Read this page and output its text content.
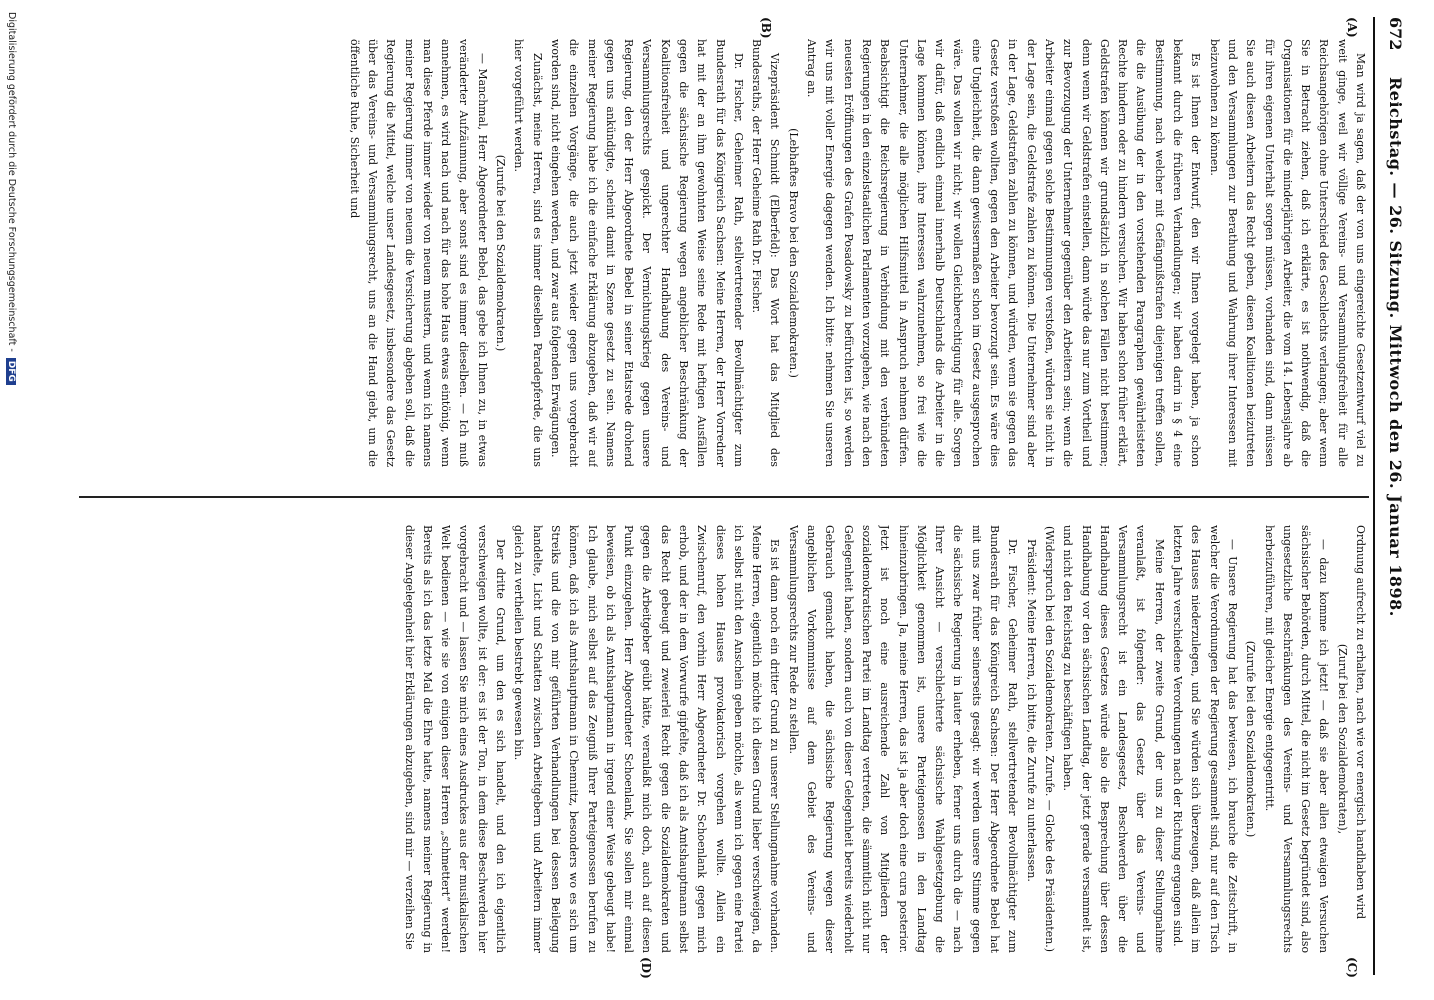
Digitalisierung gefördert durch die Deutsche Forschungsgemeinschaft -DFG
672
Reichstag. — 26. Sitzung. Mittwoch den 26. Januar 1898.
(A)
(B)
(C)
(D)

Man wird ja sagen, daß der von uns eingereichte Gesetzentwurf viel zu weit ginge, weil wir völlige Vereins- und Versammlungsfreiheit für alle Reichsangehörigen ohne Unterschied des Geschlechts verlangen; aber wenn Sie in Betracht ziehen, daß ich erklärte, es ist nothwendig, daß die Organisationen für die minderjährigen Arbeiter, die vom 14. Lebensjahre ab für ihren eigenen Unterhalt sorgen müssen, vorhanden sind, dann müssen Sie auch diesen Arbeitern das Recht geben, diesen Koalitionen beizutreten und den Versammlungen zur Berathung und Wahrung ihrer Interessen mit beizuwohnen zu können.

Es ist Ihnen der Entwurf, den wir Ihnen vorgelegt haben, ja schon bekannt durch die früheren Verhandlungen; wir haben darin in § 4 eine Bestimmung, nach welcher mit Gefängnißstrafen diejenigen treffen sollen, die die Ausübung der in den vorstehenden Paragraphen gewährleisteten Rechte hindern oder zu hindern versuchen. Wir haben schon früher erklärt, Geldstrafen können wir grundsätzlich in solchen Fällen nicht bestimmen; denn wenn wir Geldstrafen einstellen, dann würde das nur zum Vortheil und zur Bevorzugung der Unternehmer gegenüber den Arbeitern sein; wenn die Arbeiter einmal gegen solche Bestimmungen verstoßen, würden sie nicht in der Lage sein, die Geldstrafe zahlen zu können. Die Unternehmer sind aber in der Lage, Geldstrafen zahlen zu können, und würden, wenn sie gegen das Gesetz verstoßen wollten, gegen den Arbeiter bevorzugt sein. Es wäre dies eine Ungleichheit, die dann gewissermaßen schon im Gesetz ausgesprochen wäre. Das wollen wir nicht; wir wollen Gleichberechtigung für alle. Sorgen wir dafür, daß endlich einmal innerhalb Deutschlands die Arbeiter in die Lage kommen können, ihre Interessen wahrzunehmen, so frei wie die Unternehmer, die alle möglichen Hilfsmittel in Anspruch nehmen dürfen. Beabsichtigt die Reichsregierung in Verbindung mit den verbündeten Regierungen in den einzelstaatlichen Parlamenten vorzugehen, wie nach den neuesten Eröffnungen des Grafen Posadowsky zu befürchten ist, so werden wir uns mit voller Energie dagegen wenden. Ich bitte: nehmen Sie unseren Antrag an.

(Lebhaftes Bravo bei den Sozialdemokraten.)

Vizepräsident Schmidt (Elberfeld): Das Wort hat das Mitglied des Bundesraths, der Herr Geheime Rath Dr. Fischer.

Dr. Fischer, Geheimer Rath, stellvertretender Bevollmächtigter zum Bundesrath für das Königreich Sachsen: Meine Herren, der Herr Vorredner hat mit der an ihm gewohnten Weise seine Rede mit heftigen Ausfällen gegen die sächsische Regierung wegen angeblicher Beschränkung der Koalitionsfreiheit und ungerechter Handhabung des Vereins- und Versammlungsrechts gespickt. Der Vernichtungskrieg gegen unsere Regierung, den der Herr Abgeordnete Bebel in seiner Etatsrede drohend gegen uns ankündigte, scheint damit in Szene gesetzt zu sein. Namens meiner Regierung habe ich die einfache Erklärung abzugeben, daß wir auf die einzelnen Vorgänge, die auch jetzt wieder gegen uns vorgebracht worden sind, nicht eingehen werden, und zwar aus folgenden Erwägungen.

Zunächst, meine Herren, sind es immer dieselben Paradepferde, die uns hier vorgeführt werden.

(Zurufe bei den Sozialdemokraten.)

— Manchmal, Herr Abgeordneter Bebel, das gebe ich Ihnen zu, in etwas veränderter Aufzäumung, aber sonst sind es immer dieselben. — Ich muß annehmen, es wird nach und nach für das hohe Haus etwas eintönig, wenn man diese Pferde immer wieder von neuem mustern, und wenn ich namens meiner Regierung immer von neuem die Versicherung abgeben soll, daß die Regierung die Mittel, welche unser Landesgesetz, insbesondere das Gesetz über das Vereins- und Versammlungsrecht, uns an die Hand giebt, um die öffentliche Ruhe, Sicherheit und

Ordnung aufrecht zu erhalten, nach wie vor energisch handhaben wird

(Zuruf bei den Sozialdemokraten),

— dazu komme ich jetzt! — daß sie aber allen etwaigen Versuchen sächsischer Behörden, durch Mittel, die nicht im Gesetz begründet sind, also ungesetzliche Beschränkungen des Vereins- und Versammlungsrechts herbeizuführen, mit gleicher Energie entgegentritt.

(Zurufe bei den Sozialdemokraten.)

— Unsere Regierung hat das bewiesen, ich brauche die Zeitschrift, in welcher die Verordnungen der Regierung gesammelt sind, nur auf den Tisch des Hauses niederzulegen, und Sie würden sich überzeugen, daß allein im letzten Jahre verschiedene Verordnungen nach der Richtung ergangen sind.

Meine Herren, der zweite Grund, der uns zu dieser Stellungnahme veranlaßt, ist folgender: das Gesetz über das Vereins- und Versammlungsrecht ist ein Landesgesetz, Beschwerden über die Handhabung dieses Gesetzes würde also die Besprechung über dessen Handhabung vor den sächsischen Landtag, der jetzt gerade versammelt ist, und nicht den Reichstag zu beschäftigen haben.

(Widerspruch bei den Sozialdemokraten. Zurufe. — Glocke des Präsidenten.)

Präsident: Meine Herren, ich bitte, die Zurufe zu unterlassen.

Dr. Fischer, Geheimer Rath, stellvertretender Bevollmächtigter zum Bundesrath für das Königreich Sachsen: Der Herr Abgeordnete Bebel hat mit uns zwar früher seinerseits gesagt: wir werden unsere Stimme gegen die sächsische Regierung in lauter erheben, ferner uns durch die — nach Ihrer Ansicht — verschlechterte sächsische Wahlgesetzgebung die Möglichkeit genommen ist, unsere Parteigenossen in den Landtag hineinzubringen. Ja, meine Herren, das ist ja aber doch eine cura posterior. Jetzt ist noch eine ausreichende Zahl von Mitgliedern der sozialdemokratischen Partei im Landtag vertreten, die sämmtlich nicht nur Gelegenheit haben, sondern auch von dieser Gelegenheit bereits wiederholt Gebrauch gemacht haben, die sächsische Regierung wegen dieser angeblichen Vorkommnisse auf dem Gebiet des Vereins- und Versammlungsrechts zur Rede zu stellen.

Es ist dann noch ein dritter Grund zu unserer Stellungnahme vorhanden. Meine Herren, eigentlich möchte ich diesen Grund lieber verschweigen, da ich selbst nicht den Anschein geben möchte, als wenn ich gegen eine Partei dieses hohen Hauses provokatorisch vorgehen wollte. Allein ein Zwischenruf, den vorhin Herr Abgeordneter Dr. Schoenlank gegen mich erhob, und der in dem Vorwurfe gipfelte, daß ich als Amtshauptmann selbst das Recht gebeugt und zweierlei Recht gegen die Sozialdemokraten und gegen die Arbeitgeber geübt hätte, veranlaßt mich doch, auch auf diesen Punkt einzugehen. Herr Abgeordneter Schoenlank, Sie sollen mir einmal beweisen, ob ich als Amtshauptmann in irgend einer Weise gebeugt habe! Ich glaube, mich selbst auf das Zeugniß Ihrer Parteigenossen berufen zu können, daß ich als Amtshauptmann in Chemnitz, besonders wo es sich um Streiks und die von mir geführten Verhandlungen bei dessen Beilegung handelte, Licht und Schatten zwischen Arbeitgebern und Arbeitern immer gleich zu vertheilen bestrebt gewesen bin.

Der dritte Grund, um den es sich handelt, und den ich eigentlich verschweigen wollte, ist der: es ist der Ton, in dem diese Beschwerden hier vorgebracht und — lassen Sie mich eines Ausdruckes aus der musikalischen Welt bedienen — wie sie von einigen dieser Herren „schmettert“ werden! Bereits als ich das letzte Mal die Ehre hatte, namens meiner Regierung in dieser Angelegenheit hier Erklärungen abzugeben, sind mir — verzeihen Sie
